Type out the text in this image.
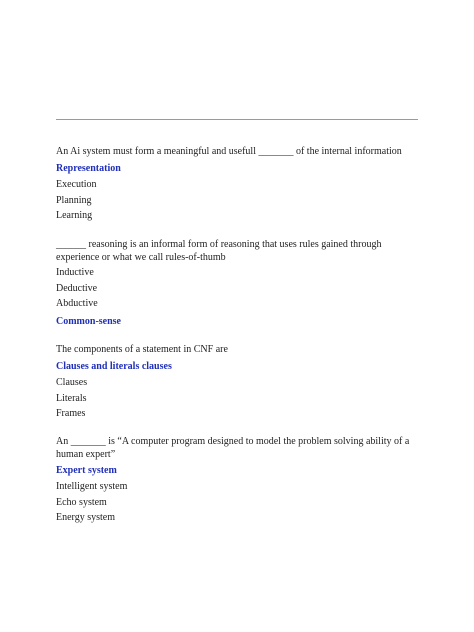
An Ai system must form a meaningful and usefull _______ of the internal information

Representation

Execution

Planning

Learning

______ reasoning is an informal form of reasoning that uses rules gained through experience or what we call rules-of-thumb

Inductive

Deductive

Abductive

Common-sense

The components of a statement in CNF are

Clauses and literals clauses

Clauses

Literals

Frames

An _______ is “A computer program designed to model the problem solving ability of a human expert”

Expert system

Intelligent system

Echo system

Energy system
